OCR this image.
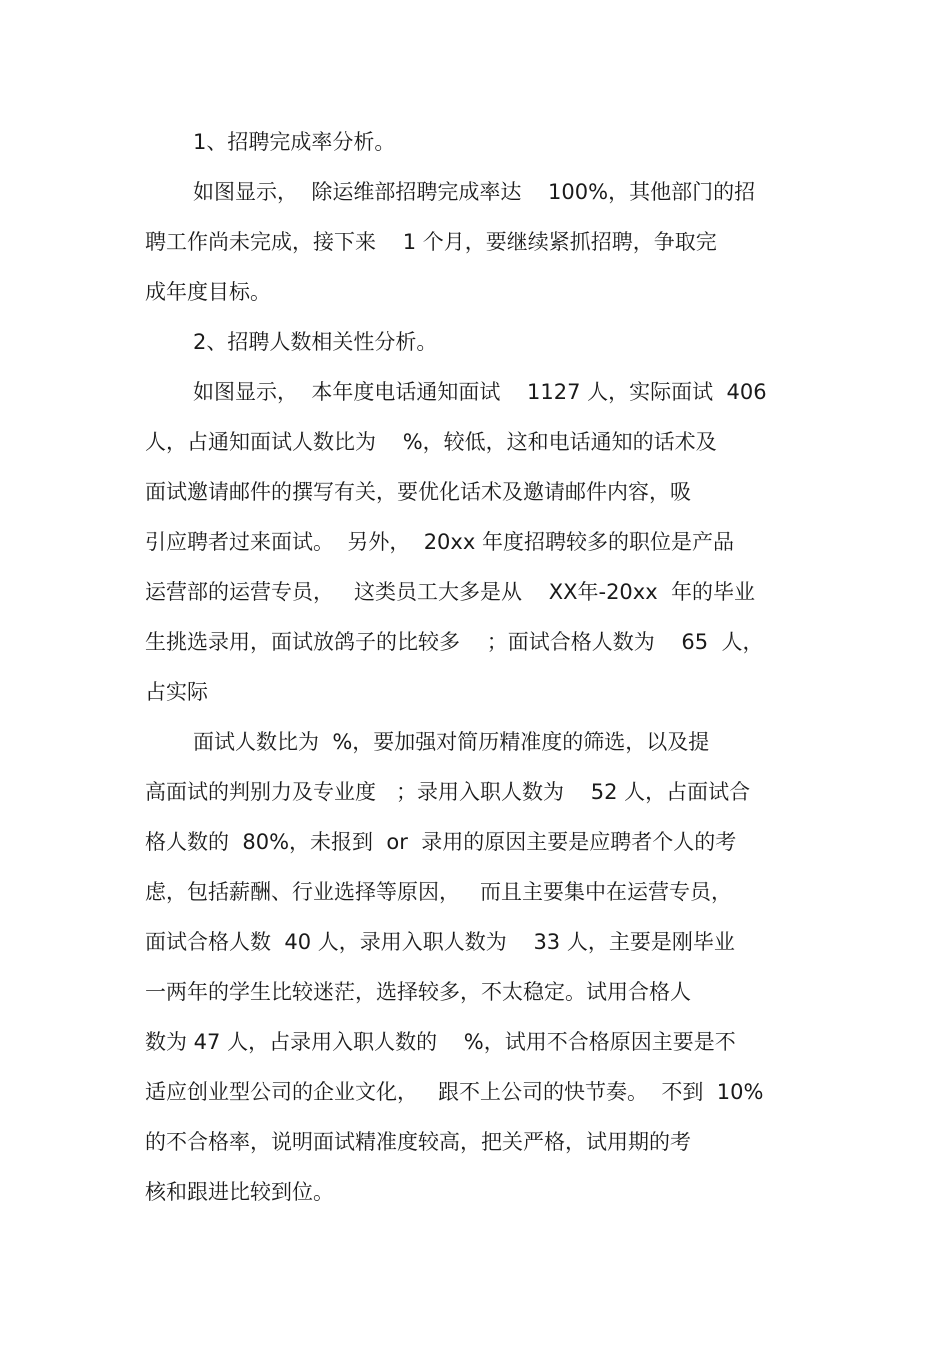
1、招聘完成率分析。

如图显示，  除运维部招聘完成率达    100%，其他部门的招

聘工作尚未完成，接下来    1 个月，要继续紧抓招聘，争取完

成年度目标。

2、招聘人数相关性分析。

如图显示，  本年度电话通知面试    1127 人，实际面试  406

人，占通知面试人数比为    %，较低，这和电话通知的话术及

面试邀请邮件的撰写有关，要优化话术及邀请邮件内容，吸

引应聘者过来面试。  另外，  20xx 年度招聘较多的职位是产品

运营部的运营专员，   这类员工大多是从    XX年-20xx  年的毕业

生挑选录用，面试放鸽子的比较多    ；面试合格人数为    65  人，

占实际

面试人数比为  %，要加强对简历精准度的筛选，以及提

高面试的判别力及专业度   ；录用入职人数为    52 人，占面试合

格人数的  80%，未报到  or  录用的原因主要是应聘者个人的考

虑，包括薪酬、行业选择等原因，   而且主要集中在运营专员，

面试合格人数  40 人，录用入职人数为    33 人，主要是刚毕业

一两年的学生比较迷茫，选择较多，不太稳定。试用合格人

数为 47 人，占录用入职人数的    %，试用不合格原因主要是不

适应创业型公司的企业文化，   跟不上公司的快节奏。  不到  10%

的不合格率，说明面试精准度较高，把关严格，试用期的考

核和跟进比较到位。
